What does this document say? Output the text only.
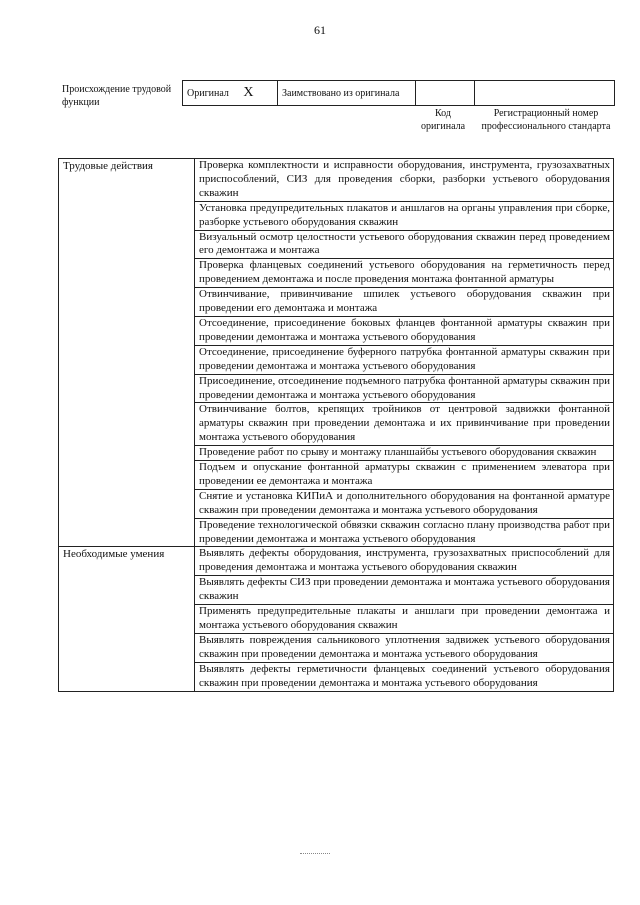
61
Происхождение трудовой функции
Оригинал X	Заимствовано из оригинала		
Код оригинала
Регистрационный номер профессионального стандарта
Трудовые действия	Проверка комплектности и исправности оборудования, инструмента, грузозахватных приспособлений, СИЗ для проведения сборки, разборки устьевого оборудования скважин
	Установка предупредительных плакатов и аншлагов на органы управления при сборке, разборке устьевого оборудования скважин
	Визуальный осмотр целостности устьевого оборудования скважин перед проведением его демонтажа и монтажа
	Проверка фланцевых соединений устьевого оборудования на герметичность перед проведением демонтажа и после проведения монтажа фонтанной арматуры
	Отвинчивание, привинчивание шпилек устьевого оборудования скважин при проведении его демонтажа и монтажа
	Отсоединение, присоединение боковых фланцев фонтанной арматуры скважин при проведении демонтажа и монтажа устьевого оборудования
	Отсоединение, присоединение буферного патрубка фонтанной арматуры скважин при проведении демонтажа и монтажа устьевого оборудования
	Присоединение, отсоединение подъемного патрубка фонтанной арматуры скважин при проведении демонтажа и монтажа устьевого оборудования
	Отвинчивание болтов, крепящих тройников от центровой задвижки фонтанной арматуры скважин при проведении демонтажа и их привинчивание при проведении монтажа устьевого оборудования
	Проведение работ по срыву и монтажу планшайбы устьевого оборудования скважин
	Подъем и опускание фонтанной арматуры скважин с применением элеватора при проведении ее демонтажа и монтажа
	Снятие и установка КИПиА и дополнительного оборудования на фонтанной арматуре скважин при проведении демонтажа и монтажа устьевого оборудования
	Проведение технологической обвязки скважин согласно плану производства работ при проведении демонтажа и монтажа устьевого оборудования
Необходимые умения	Выявлять дефекты оборудования, инструмента, грузозахватных приспособлений для проведения демонтажа и монтажа устьевого оборудования скважин
	Выявлять дефекты СИЗ при проведении демонтажа и монтажа устьевого оборудования скважин
	Применять предупредительные плакаты и аншлаги при проведении демонтажа и монтажа устьевого оборудования скважин
	Выявлять повреждения сальникового уплотнения задвижек устьевого оборудования скважин при проведении демонтажа и монтажа устьевого оборудования
	Выявлять дефекты герметичности фланцевых соединений устьевого оборудования скважин при проведении демонтажа и монтажа устьевого оборудования
